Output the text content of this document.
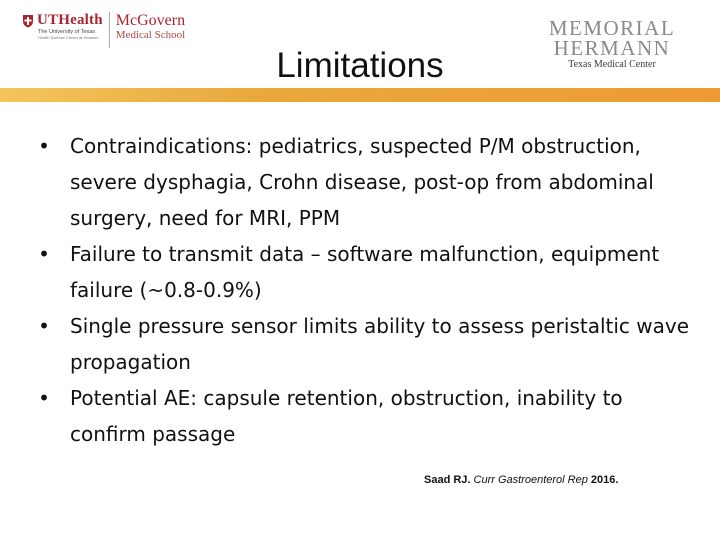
UTHealth
The University of Texas
Health Science Center at Houston
McGovern
Medical School	MEMORIAL
HERMANN
Texas Medical Center
Limitations
• Contraindications: pediatrics, suspected P/M obstruction, severe dysphagia, Crohn disease, post-op from abdominal surgery, need for MRI, PPM
• Failure to transmit data – software malfunction, equipment failure (~0.8-0.9%)
• Single pressure sensor limits ability to assess peristaltic wave propagation
• Potential AE: capsule retention, obstruction, inability to confirm passage
Saad RJ. Curr Gastroenterol Rep 2016.
